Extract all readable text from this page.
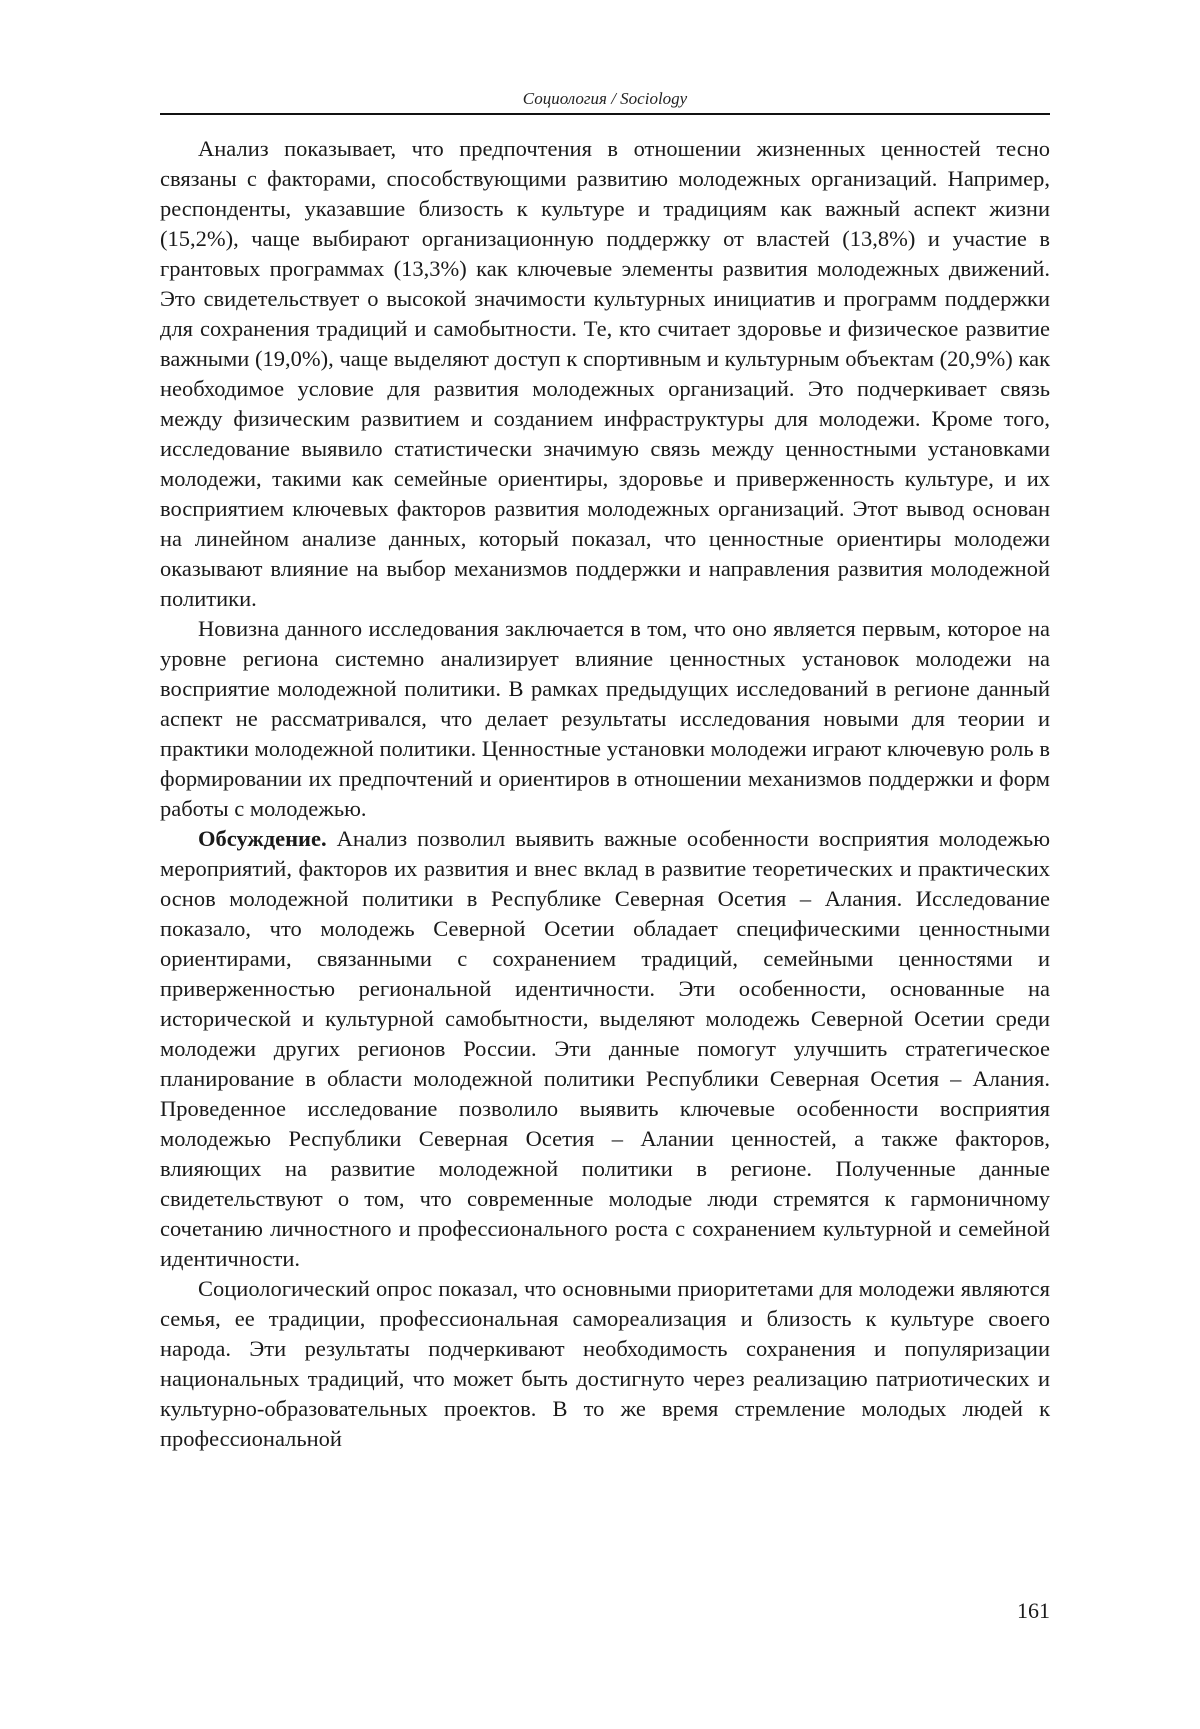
Социология / Sociology

Анализ показывает, что предпочтения в отношении жизненных ценностей тесно связаны с факторами, способствующими развитию молодежных организаций. Например, респонденты, указавшие близость к культуре и традициям как важный аспект жизни (15,2%), чаще выбирают организационную поддержку от властей (13,8%) и участие в грантовых программах (13,3%) как ключевые элементы развития молодежных движений. Это свидетельствует о высокой значимости культурных инициатив и программ поддержки для сохранения традиций и самобытности. Те, кто считает здоровье и физическое развитие важными (19,0%), чаще выделяют доступ к спортивным и культурным объектам (20,9%) как необходимое условие для развития молодежных организаций. Это подчеркивает связь между физическим развитием и созданием инфраструктуры для молодежи. Кроме того, исследование выявило статистически значимую связь между ценностными установками молодежи, такими как семейные ориентиры, здоровье и приверженность культуре, и их восприятием ключевых факторов развития молодежных организаций. Этот вывод основан на линейном анализе данных, который показал, что ценностные ориентиры молодежи оказывают влияние на выбор механизмов поддержки и направления развития молодежной политики.

Новизна данного исследования заключается в том, что оно является первым, которое на уровне региона системно анализирует влияние ценностных установок молодежи на восприятие молодежной политики. В рамках предыдущих исследований в регионе данный аспект не рассматривался, что делает результаты исследования новыми для теории и практики молодежной политики. Ценностные установки молодежи играют ключевую роль в формировании их предпочтений и ориентиров в отношении механизмов поддержки и форм работы с молодежью.

Обсуждение. Анализ позволил выявить важные особенности восприятия молодежью мероприятий, факторов их развития и внес вклад в развитие теоретических и практических основ молодежной политики в Республике Северная Осетия – Алания. Исследование показало, что молодежь Северной Осетии обладает специфическими ценностными ориентирами, связанными с сохранением традиций, семейными ценностями и приверженностью региональной идентичности. Эти особенности, основанные на исторической и культурной самобытности, выделяют молодежь Северной Осетии среди молодежи других регионов России. Эти данные помогут улучшить стратегическое планирование в области молодежной политики Республики Северная Осетия – Алания. Проведенное исследование позволило выявить ключевые особенности восприятия молодежью Республики Северная Осетия – Алании ценностей, а также факторов, влияющих на развитие молодежной политики в регионе. Полученные данные свидетельствуют о том, что современные молодые люди стремятся к гармоничному сочетанию личностного и профессионального роста с сохранением культурной и семейной идентичности.

Социологический опрос показал, что основными приоритетами для молодежи являются семья, ее традиции, профессиональная самореализация и близость к культуре своего народа. Эти результаты подчеркивают необходимость сохранения и популяризации национальных традиций, что может быть достигнуто через реализацию патриотических и культурно-образовательных проектов. В то же время стремление молодых людей к профессиональной

161
